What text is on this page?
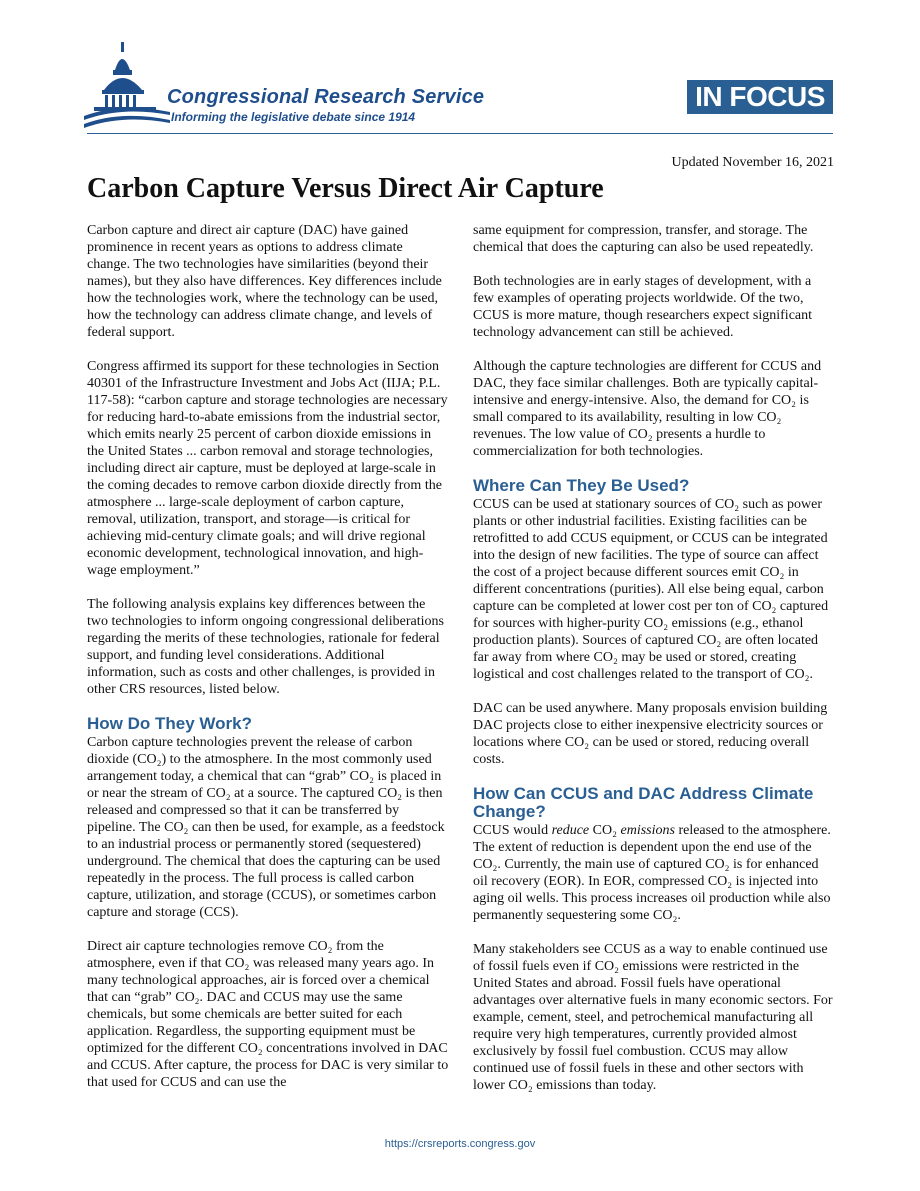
Congressional Research Service
Informing the legislative debate since 1914
IN FOCUS
Updated November 16, 2021
Carbon Capture Versus Direct Air Capture

Carbon capture and direct air capture (DAC) have gained prominence in recent years as options to address climate change. The two technologies have similarities (beyond their names), but they also have differences. Key differences include how the technologies work, where the technology can be used, how the technology can address climate change, and levels of federal support.

Congress affirmed its support for these technologies in Section 40301 of the Infrastructure Investment and Jobs Act (IIJA; P.L. 117-58): “carbon capture and storage technologies are necessary for reducing hard-to-abate emissions from the industrial sector, which emits nearly 25 percent of carbon dioxide emissions in the United States ... carbon removal and storage technologies, including direct air capture, must be deployed at large-scale in the coming decades to remove carbon dioxide directly from the atmosphere ... large-scale deployment of carbon capture, removal, utilization, transport, and storage—is critical for achieving mid-century climate goals; and will drive regional economic development, technological innovation, and high-wage employment.”

The following analysis explains key differences between the two technologies to inform ongoing congressional deliberations regarding the merits of these technologies, rationale for federal support, and funding level considerations. Additional information, such as costs and other challenges, is provided in other CRS resources, listed below.

How Do They Work?

Carbon capture technologies prevent the release of carbon dioxide (CO₂) to the atmosphere. In the most commonly used arrangement today, a chemical that can “grab” CO₂ is placed in or near the stream of CO₂ at a source. The captured CO₂ is then released and compressed so that it can be transferred by pipeline. The CO₂ can then be used, for example, as a feedstock to an industrial process or permanently stored (sequestered) underground. The chemical that does the capturing can be used repeatedly in the process. The full process is called carbon capture, utilization, and storage (CCUS), or sometimes carbon capture and storage (CCS).

Direct air capture technologies remove CO₂ from the atmosphere, even if that CO₂ was released many years ago. In many technological approaches, air is forced over a chemical that can “grab” CO₂. DAC and CCUS may use the same chemicals, but some chemicals are better suited for each application. Regardless, the supporting equipment must be optimized for the different CO₂ concentrations involved in DAC and CCUS. After capture, the process for DAC is very similar to that used for CCUS and can use the

same equipment for compression, transfer, and storage. The chemical that does the capturing can also be used repeatedly.

Both technologies are in early stages of development, with a few examples of operating projects worldwide. Of the two, CCUS is more mature, though researchers expect significant technology advancement can still be achieved.

Although the capture technologies are different for CCUS and DAC, they face similar challenges. Both are typically capital-intensive and energy-intensive. Also, the demand for CO₂ is small compared to its availability, resulting in low CO₂ revenues. The low value of CO₂ presents a hurdle to commercialization for both technologies.

Where Can They Be Used?

CCUS can be used at stationary sources of CO₂ such as power plants or other industrial facilities. Existing facilities can be retrofitted to add CCUS equipment, or CCUS can be integrated into the design of new facilities. The type of source can affect the cost of a project because different sources emit CO₂ in different concentrations (purities). All else being equal, carbon capture can be completed at lower cost per ton of CO₂ captured for sources with higher-purity CO₂ emissions (e.g., ethanol production plants). Sources of captured CO₂ are often located far away from where CO₂ may be used or stored, creating logistical and cost challenges related to the transport of CO₂.

DAC can be used anywhere. Many proposals envision building DAC projects close to either inexpensive electricity sources or locations where CO₂ can be used or stored, reducing overall costs.

How Can CCUS and DAC Address Climate Change?

CCUS would reduce CO₂ emissions released to the atmosphere. The extent of reduction is dependent upon the end use of the CO₂. Currently, the main use of captured CO₂ is for enhanced oil recovery (EOR). In EOR, compressed CO₂ is injected into aging oil wells. This process increases oil production while also permanently sequestering some CO₂.

Many stakeholders see CCUS as a way to enable continued use of fossil fuels even if CO₂ emissions were restricted in the United States and abroad. Fossil fuels have operational advantages over alternative fuels in many economic sectors. For example, cement, steel, and petrochemical manufacturing all require very high temperatures, currently provided almost exclusively by fossil fuel combustion. CCUS may allow continued use of fossil fuels in these and other sectors with lower CO₂ emissions than today.

https://crsreports.congress.gov
